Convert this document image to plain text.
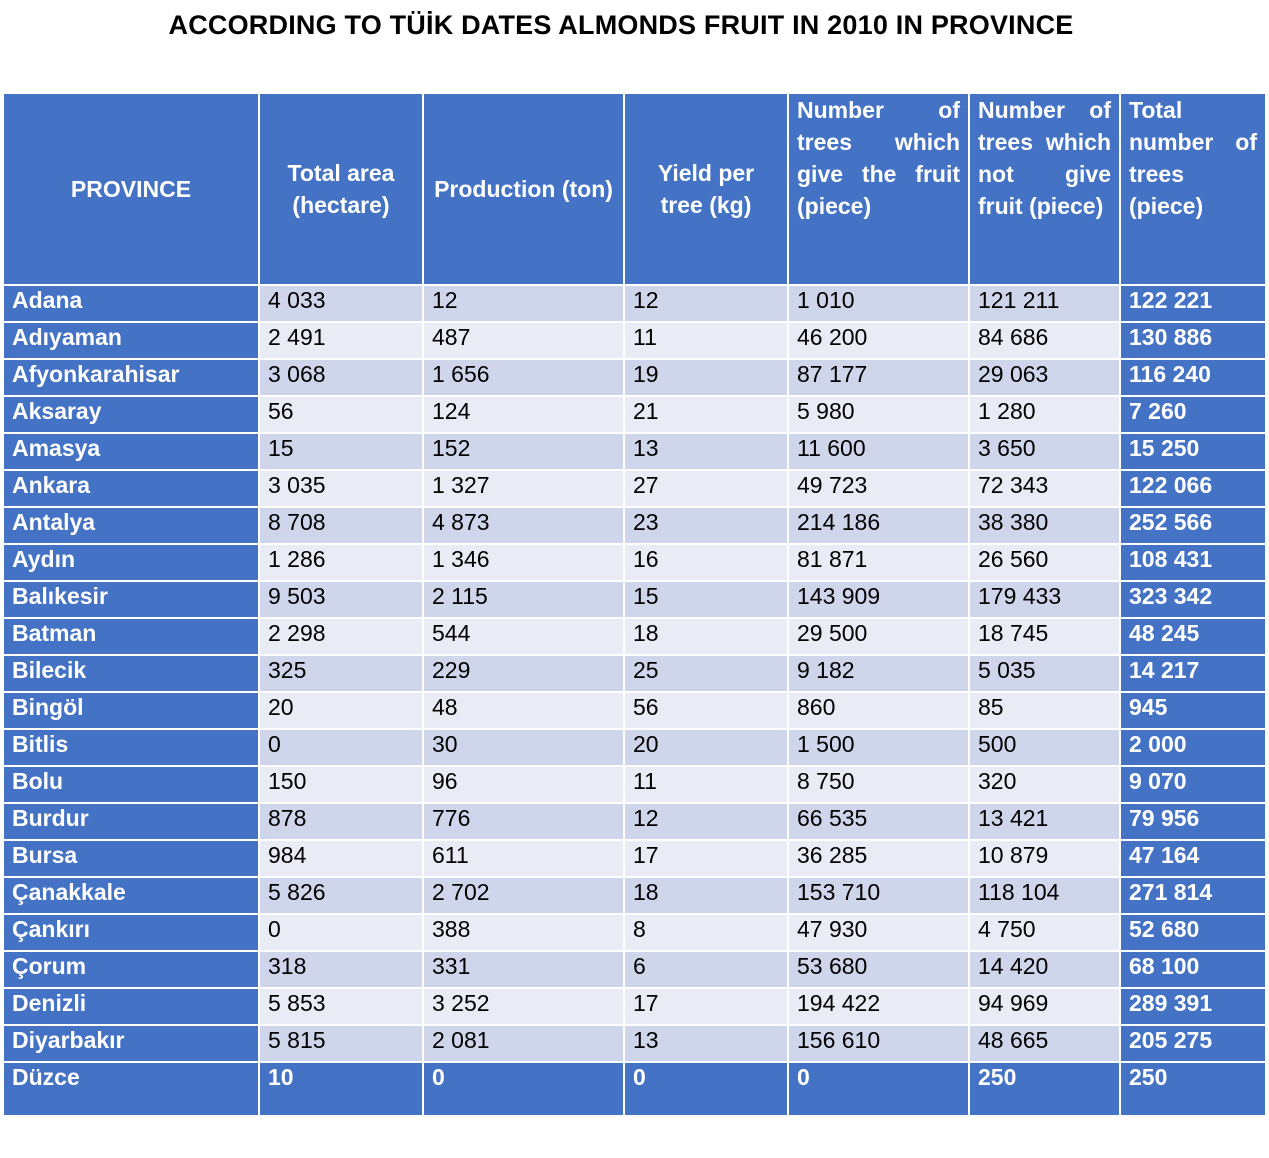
ACCORDING TO TÜİK DATES ALMONDS FRUIT IN 2010 IN PROVINCE
PROVINCE	Total area (hectare)	Production (ton)	Yield per tree (kg)	Number of trees which give the fruit (piece)	Number of trees which not give fruit (piece)	Total number of trees (piece)
Adana	4 033	12	12	1 010	121 211	122 221
Adıyaman	2 491	487	11	46 200	84 686	130 886
Afyonkarahisar	3 068	1 656	19	87 177	29 063	116 240
Aksaray	56	124	21	5 980	1 280	7 260
Amasya	15	152	13	11 600	3 650	15 250
Ankara	3 035	1 327	27	49 723	72 343	122 066
Antalya	8 708	4 873	23	214 186	38 380	252 566
Aydın	1 286	1 346	16	81 871	26 560	108 431
Balıkesir	9 503	2 115	15	143 909	179 433	323 342
Batman	2 298	544	18	29 500	18 745	48 245
Bilecik	325	229	25	9 182	5 035	14 217
Bingöl	20	48	56	860	85	945
Bitlis	0	30	20	1 500	500	2 000
Bolu	150	96	11	8 750	320	9 070
Burdur	878	776	12	66 535	13 421	79 956
Bursa	984	611	17	36 285	10 879	47 164
Çanakkale	5 826	2 702	18	153 710	118 104	271 814
Çankırı	0	388	8	47 930	4 750	52 680
Çorum	318	331	6	53 680	14 420	68 100
Denizli	5 853	3 252	17	194 422	94 969	289 391
Diyarbakır	5 815	2 081	13	156 610	48 665	205 275
Düzce	10	0	0	0	250	250
